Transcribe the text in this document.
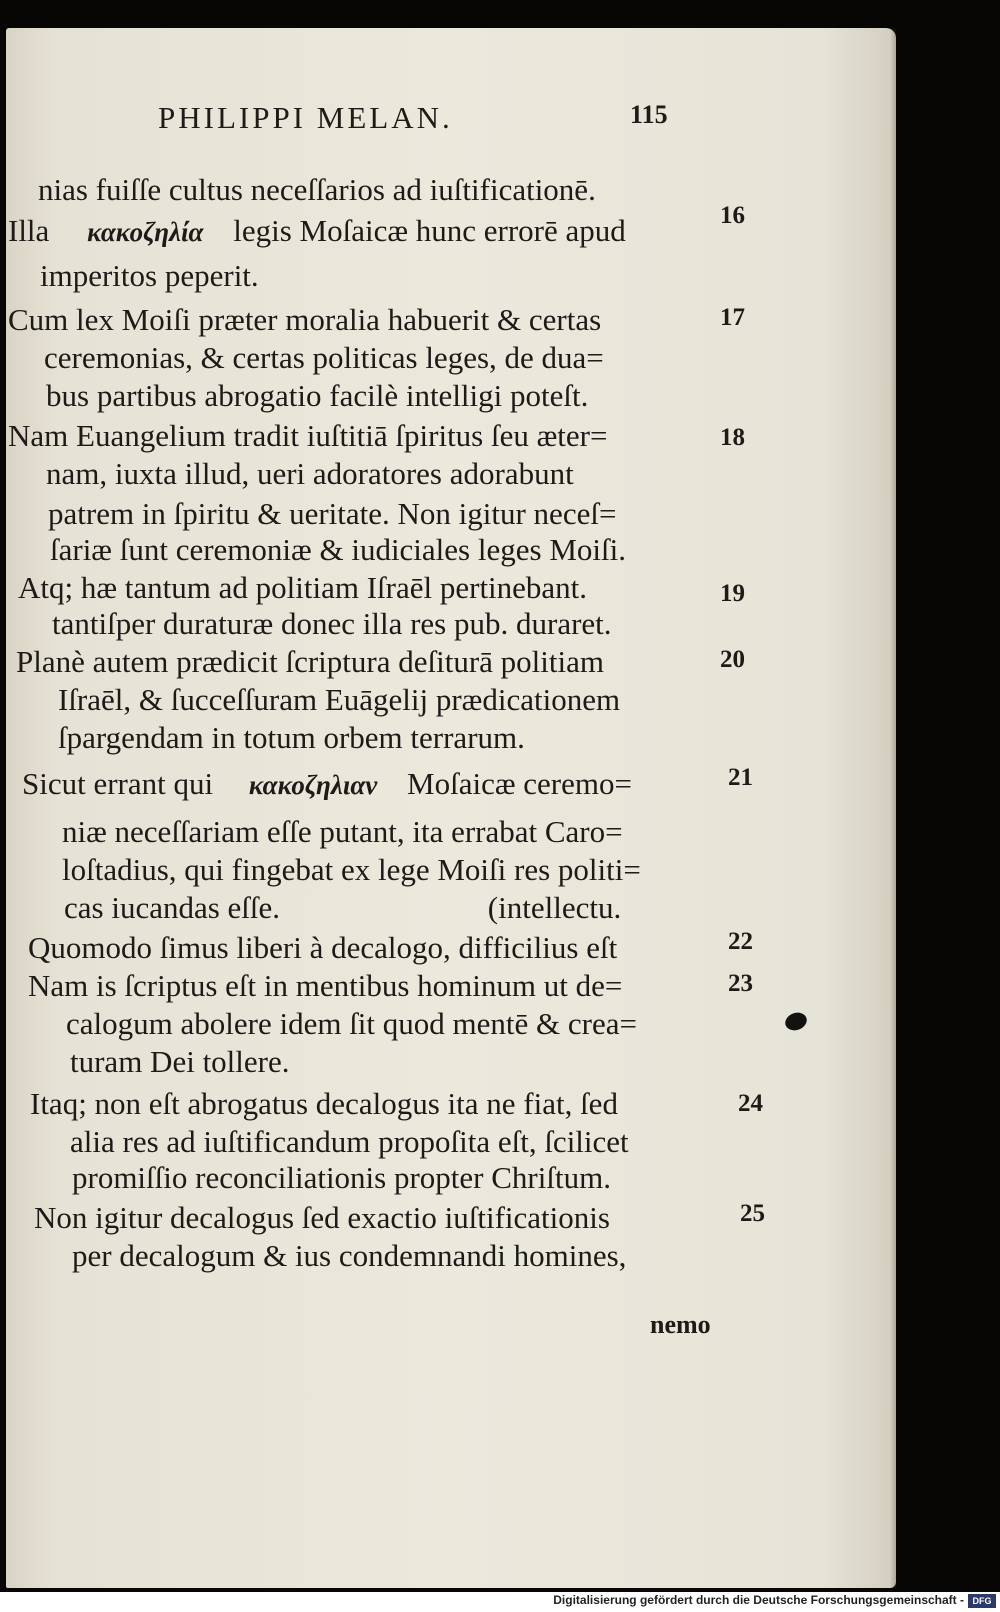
PHILIPPI MELAN.	115
nias fuiſſe cultus neceſſarios ad iuſtificationē.
Illa κακοζηλία legis Moſaicæ hunc errorē apud
imperitos peperit.
Cum lex Moiſi præter moralia habuerit & certas
ceremonias, & certas politicas leges, de dua=
bus partibus abrogatio facilè intelligi poteſt.
Nam Euangelium tradit iuſtitiā ſpiritus ſeu æter=
nam, iuxta illud, ueri adoratores adorabunt
patrem in ſpiritu & ueritate. Non igitur neceſ=
ſariæ ſunt ceremoniæ & iudiciales leges Moiſi.
Atq; hæ tantum ad politiam Iſraēl pertinebant.
tantiſper duraturæ donec illa res pub. duraret.
Planè autem prædicit ſcriptura deſiturā politiam
Iſraēl, & ſucceſſuram Euāgelij prædicationem
ſpargendam in totum orbem terrarum.
Sicut errant qui κακοζηλιαν Moſaicæ ceremo=
niæ neceſſariam eſſe putant, ita errabat Caro=
loſtadius, qui fingebat ex lege Moiſi res politi=
cas iucandas eſſe.	(intellectu.
Quomodo ſimus liberi à decalogo, difficilius eſt
Nam is ſcriptus eſt in mentibus hominum ut de=
calogum abolere idem ſit quod mentē & crea=
turam Dei tollere.
Itaq; non eſt abrogatus decalogus ita ne fiat, ſed
alia res ad iuſtificandum propoſita eſt, ſcilicet
promiſſio reconciliationis propter Chriſtum.
Non igitur decalogus ſed exactio iuſtificationis
per decalogum & ius condemnandi homines,
16
17
18
19
20
21
22
23
24
25
nemo
Digitalisierung gefördert durch die Deutsche Forschungsgemeinschaft - DFG
